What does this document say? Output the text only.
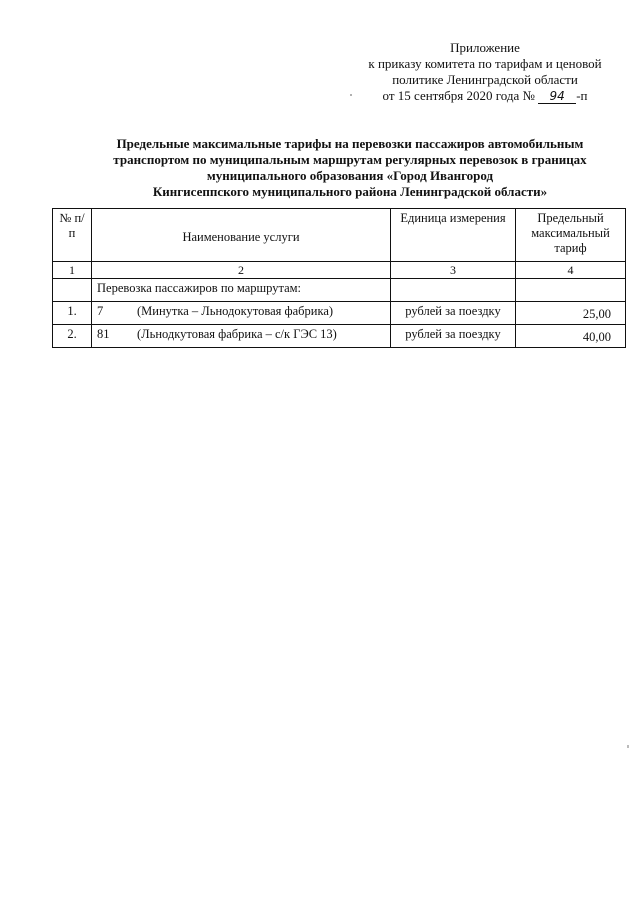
Приложение
к приказу комитета по тарифам и ценовой
политике Ленинградской области
от 15 сентября 2020 года № 94 -п
Предельные максимальные тарифы на перевозки пассажиров автомобильным
транспортом по муниципальным маршрутам регулярных перевозок в границах
муниципального образования «Город Ивангород
Кингисеппского муниципального района Ленинградской области»
№ п/п	Наименование услуги	Единица измерения	Предельный максимальный тариф
1	2	3	4
	Перевозка пассажиров по маршрутам:		
1.	7 (Минутка – Льнодокутовая фабрика)	рублей за поездку	25,00
2.	81 (Льнодкутовая фабрика – с/к ГЭС 13)	рублей за поездку	40,00
